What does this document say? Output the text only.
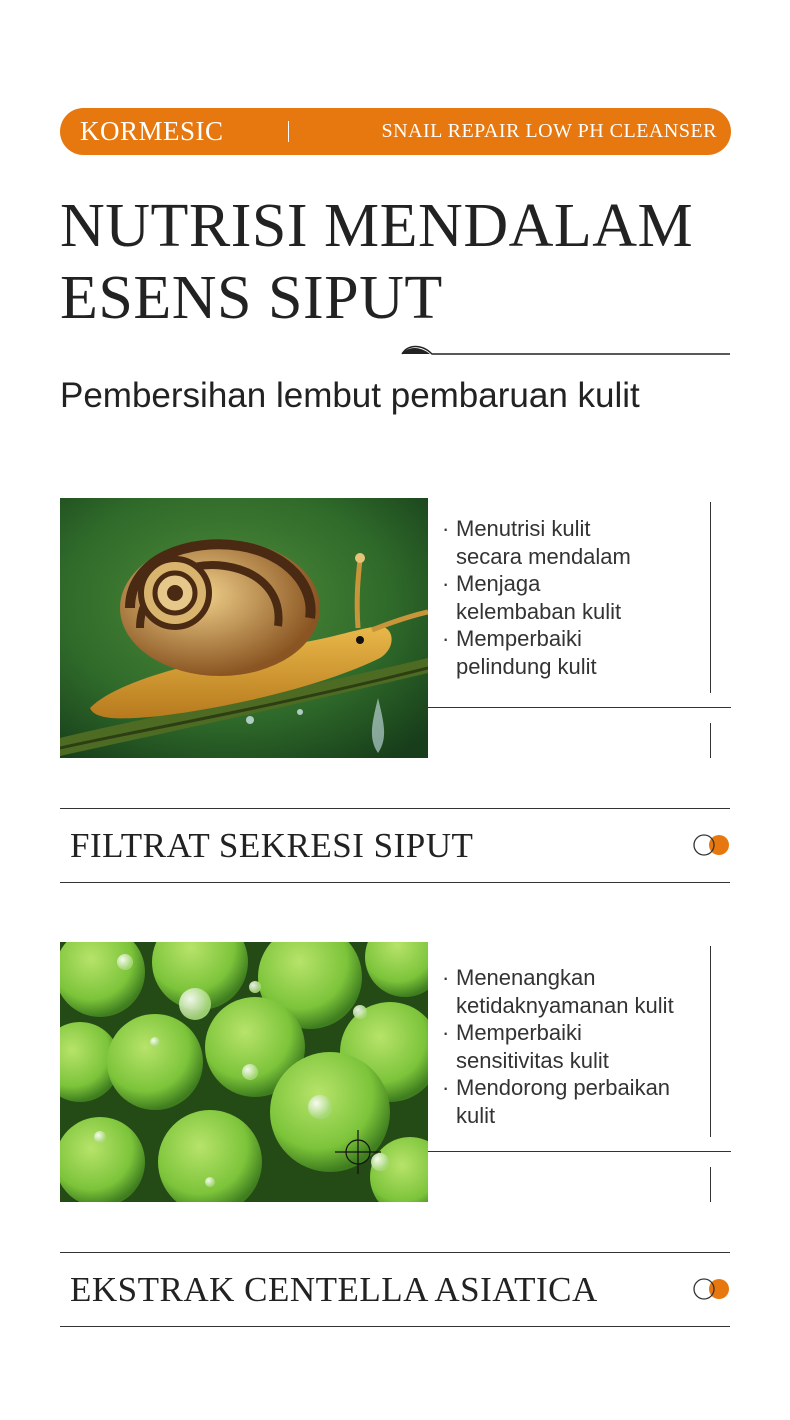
KORMESIC	SNAIL REPAIR LOW PH CLEANSER
NUTRISI MENDALAM
ESENS SIPUT
Pembersihan lembut pembaruan kulit
· Menutrisi kulit
secara mendalam
· Menjaga
kelembaban kulit
· Memperbaiki
pelindung kulit
FILTRAT SEKRESI SIPUT
· Menenangkan
ketidaknyamanan kulit
· Memperbaiki
sensitivitas kulit
· Mendorong perbaikan
kulit
EKSTRAK CENTELLA ASIATICA
